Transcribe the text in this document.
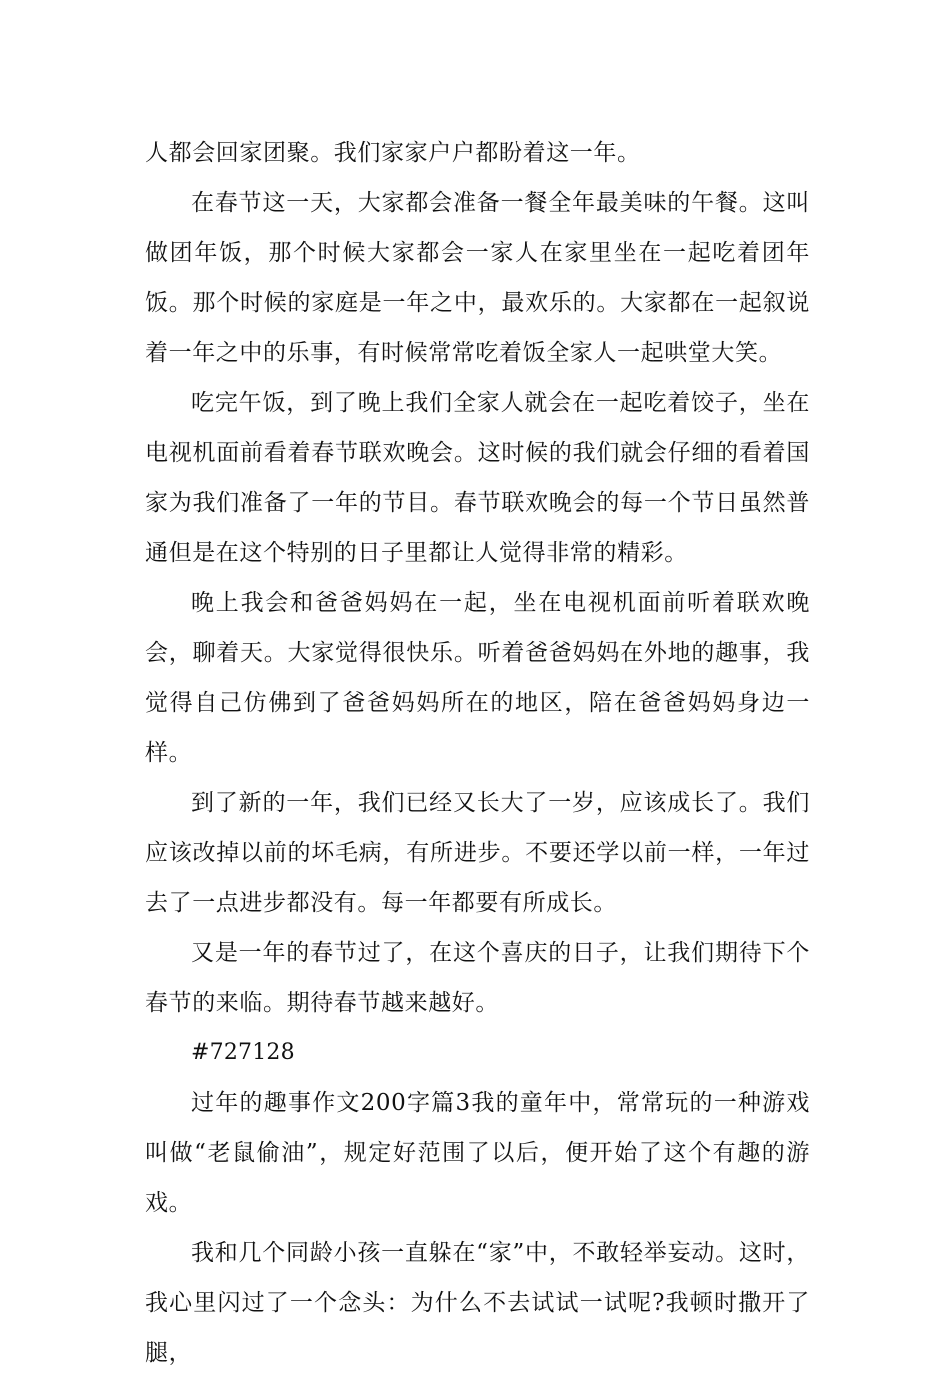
人都会回家团聚。我们家家户户都盼着这一年。

在春节这一天，大家都会准备一餐全年最美味的午餐。这叫做团年饭，那个时候大家都会一家人在家里坐在一起吃着团年饭。那个时候的家庭是一年之中，最欢乐的。大家都在一起叙说着一年之中的乐事，有时候常常吃着饭全家人一起哄堂大笑。

吃完午饭，到了晚上我们全家人就会在一起吃着饺子，坐在电视机面前看着春节联欢晚会。这时候的我们就会仔细的看着国家为我们准备了一年的节目。春节联欢晚会的每一个节日虽然普通但是在这个特别的日子里都让人觉得非常的精彩。

晚上我会和爸爸妈妈在一起，坐在电视机面前听着联欢晚会，聊着天。大家觉得很快乐。听着爸爸妈妈在外地的趣事，我觉得自己仿佛到了爸爸妈妈所在的地区，陪在爸爸妈妈身边一样。

到了新的一年，我们已经又长大了一岁，应该成长了。我们应该改掉以前的坏毛病，有所进步。不要还学以前一样，一年过去了一点进步都没有。每一年都要有所成长。

又是一年的春节过了，在这个喜庆的日子，让我们期待下个春节的来临。期待春节越来越好。

#727128

过年的趣事作文200字篇3我的童年中，常常玩的一种游戏叫做“老鼠偷油”，规定好范围了以后，便开始了这个有趣的游戏。

我和几个同龄小孩一直躲在“家”中，不敢轻举妄动。这时，我心里闪过了一个念头：为什么不去试试一试呢?我顿时撒开了腿，
